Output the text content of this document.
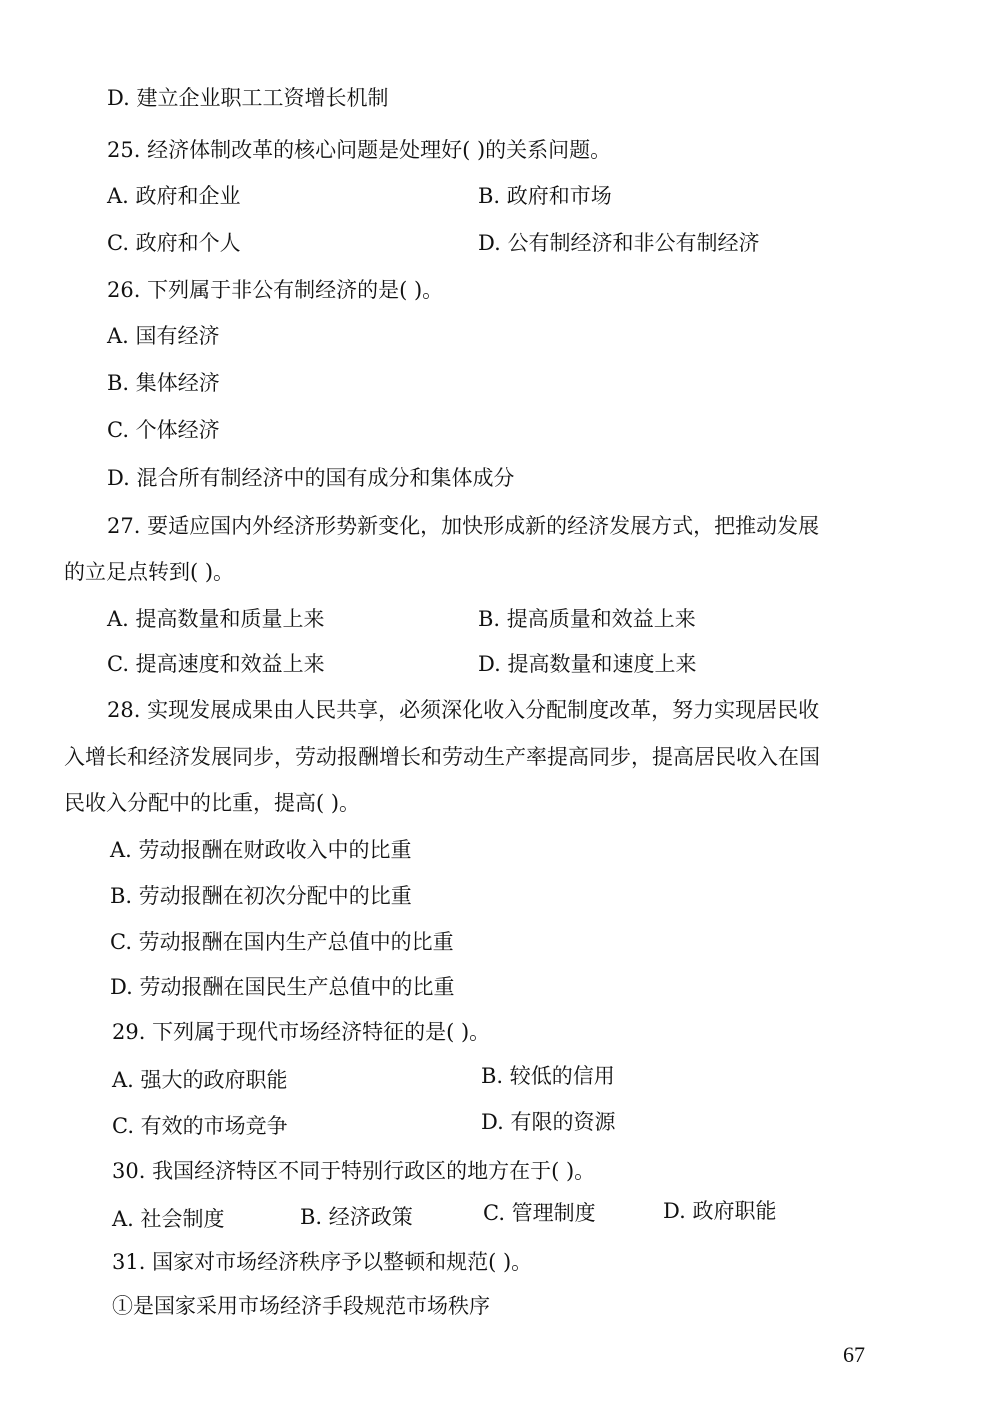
D. 建立企业职工工资增长机制
25. 经济体制改革的核心问题是处理好( )的关系问题。
A. 政府和企业	B. 政府和市场
C. 政府和个人	D. 公有制经济和非公有制经济
26. 下列属于非公有制经济的是( )。
A. 国有经济
B. 集体经济
C. 个体经济
D. 混合所有制经济中的国有成分和集体成分
27. 要适应国内外经济形势新变化，加快形成新的经济发展方式，把推动发展
的立足点转到( )。
A. 提高数量和质量上来	B. 提高质量和效益上来
C. 提高速度和效益上来	D. 提高数量和速度上来
28. 实现发展成果由人民共享，必须深化收入分配制度改革，努力实现居民收
入增长和经济发展同步，劳动报酬增长和劳动生产率提高同步，提高居民收入在国
民收入分配中的比重，提高( )。
A. 劳动报酬在财政收入中的比重
B. 劳动报酬在初次分配中的比重
C. 劳动报酬在国内生产总值中的比重
D. 劳动报酬在国民生产总值中的比重
29. 下列属于现代市场经济特征的是( )。
A. 强大的政府职能	B. 较低的信用
C. 有效的市场竞争	D. 有限的资源
30. 我国经济特区不同于特别行政区的地方在于( )。
A. 社会制度	B. 经济政策	C. 管理制度	D. 政府职能
31. 国家对市场经济秩序予以整顿和规范( )。
①是国家采用市场经济手段规范市场秩序
67
